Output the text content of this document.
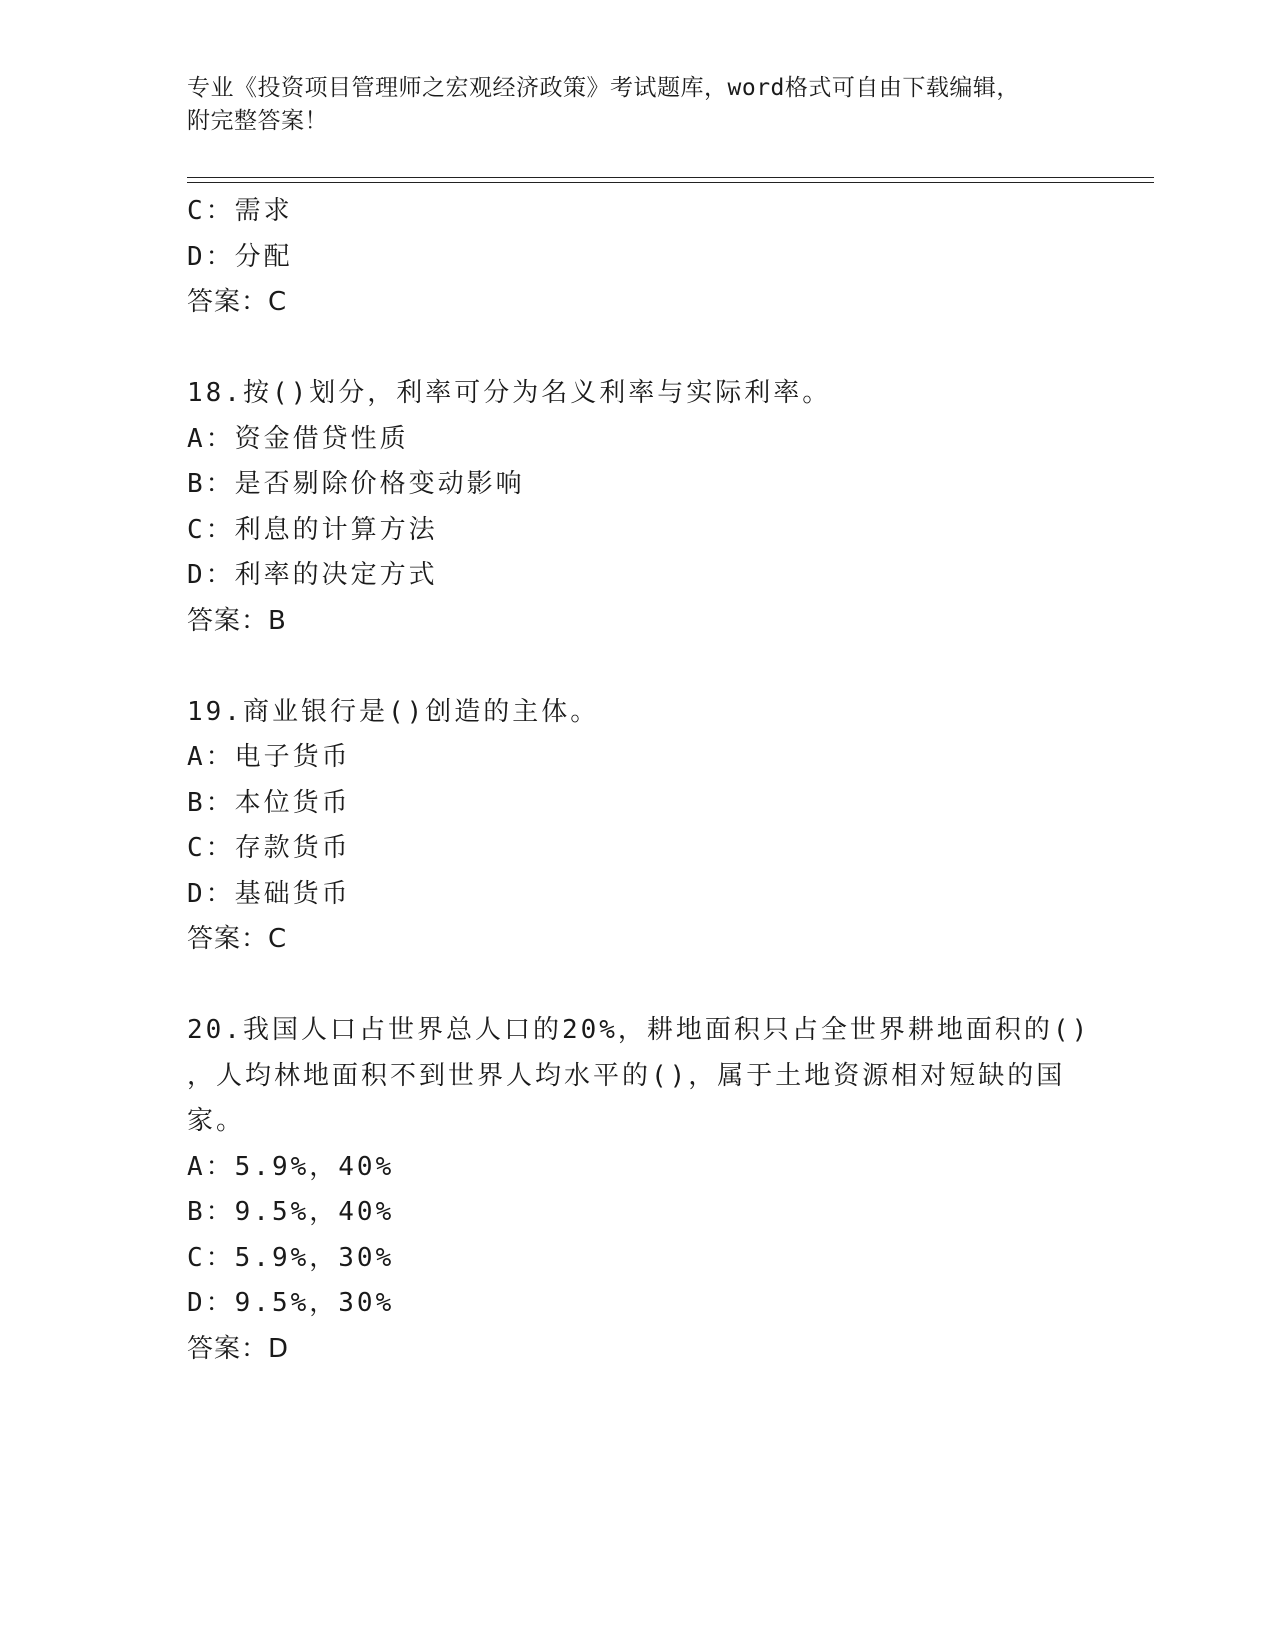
专业《投资项目管理师之宏观经济政策》考试题库，word格式可自由下载编辑，
附完整答案！
C：需求
D：分配
答案：C
18.按()划分，利率可分为名义利率与实际利率。
A：资金借贷性质
B：是否剔除价格变动影响
C：利息的计算方法
D：利率的决定方式
答案：B
19.商业银行是()创造的主体。
A：电子货币
B：本位货币
C：存款货币
D：基础货币
答案：C
20.我国人口占世界总人口的20%，耕地面积只占全世界耕地面积的()
，人均林地面积不到世界人均水平的()，属于土地资源相对短缺的国
家。
A：5.9%，40%
B：9.5%，40%
C：5.9%，30%
D：9.5%，30%
答案：D
